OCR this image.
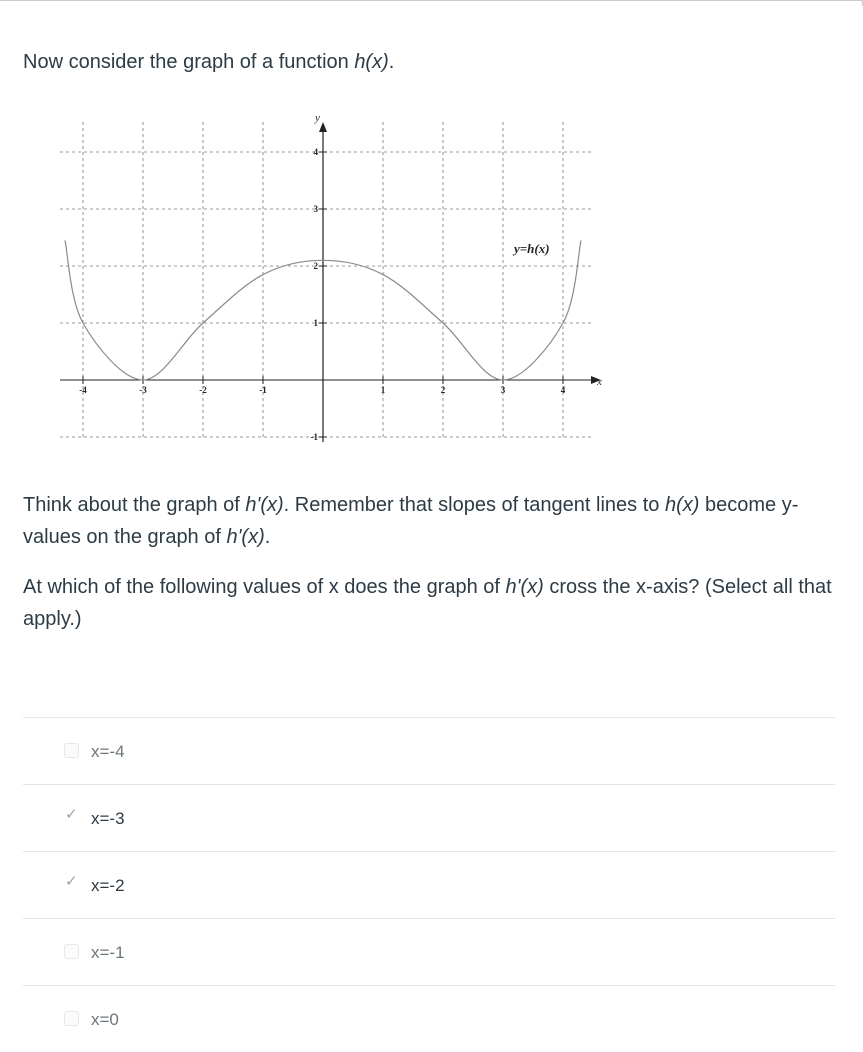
Now consider the graph of a function h(x).
-4	-3	-2	-1	1	2	3	4
-1
1
2
3
4
x
y
y=h(x)
Think about the graph of h'(x). Remember that slopes of tangent lines to h(x) become y-values on the graph of h'(x).
At which of the following values of x does the graph of h'(x) cross the x-axis? (Select all that apply.)
x=-4
✓ x=-3
✓ x=-2
x=-1
x=0
